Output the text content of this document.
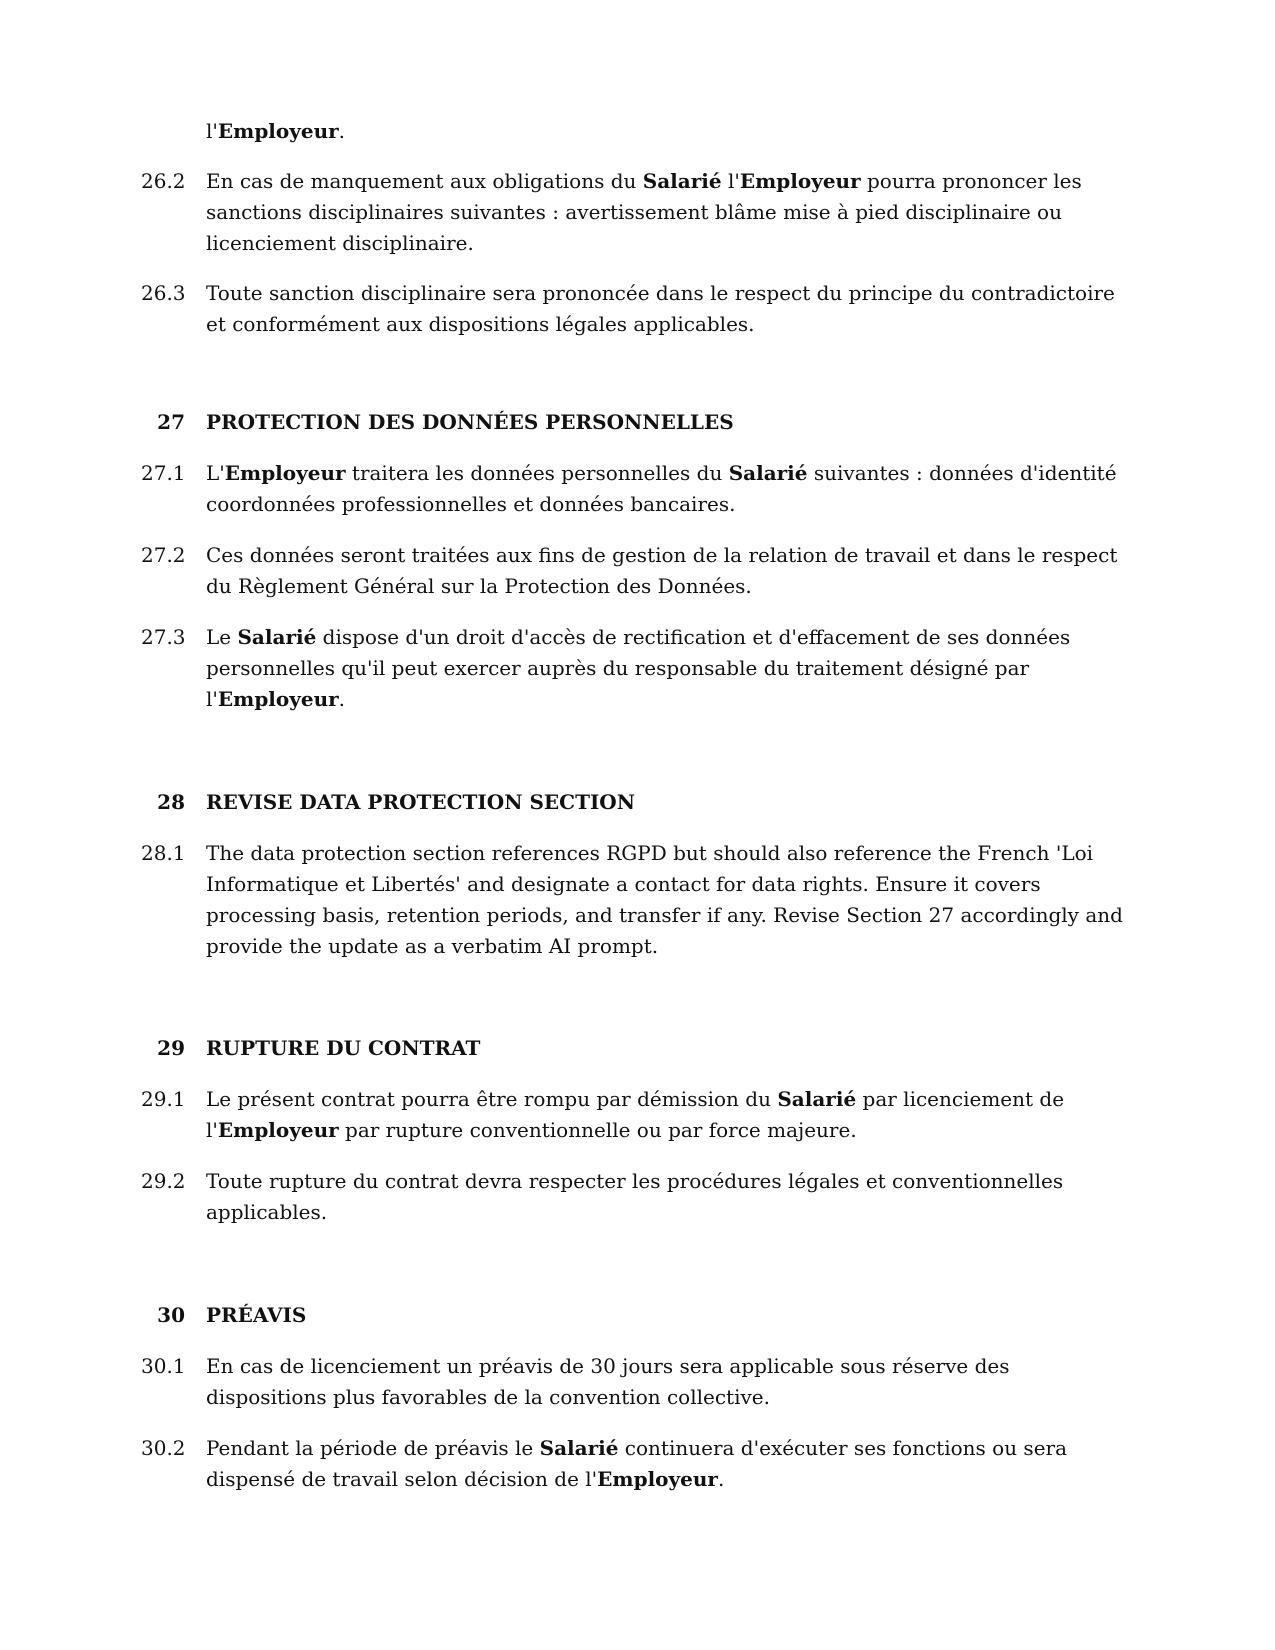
l'Employeur.
26.2 En cas de manquement aux obligations du Salarié l'Employeur pourra prononcer les sanctions disciplinaires suivantes : avertissement blâme mise à pied disciplinaire ou licenciement disciplinaire.
26.3 Toute sanction disciplinaire sera prononcée dans le respect du principe du contradictoire et conformément aux dispositions légales applicables.
27 PROTECTION DES DONNÉES PERSONNELLES
27.1 L'Employeur traitera les données personnelles du Salarié suivantes : données d'identité coordonnées professionnelles et données bancaires.
27.2 Ces données seront traitées aux fins de gestion de la relation de travail et dans le respect du Règlement Général sur la Protection des Données.
27.3 Le Salarié dispose d'un droit d'accès de rectification et d'effacement de ses données personnelles qu'il peut exercer auprès du responsable du traitement désigné par l'Employeur.
28 REVISE DATA PROTECTION SECTION
28.1 The data protection section references RGPD but should also reference the French 'Loi Informatique et Libertés' and designate a contact for data rights. Ensure it covers processing basis, retention periods, and transfer if any. Revise Section 27 accordingly and provide the update as a verbatim AI prompt.
29 RUPTURE DU CONTRAT
29.1 Le présent contrat pourra être rompu par démission du Salarié par licenciement de l'Employeur par rupture conventionnelle ou par force majeure.
29.2 Toute rupture du contrat devra respecter les procédures légales et conventionnelles applicables.
30 PRÉAVIS
30.1 En cas de licenciement un préavis de 30 jours sera applicable sous réserve des dispositions plus favorables de la convention collective.
30.2 Pendant la période de préavis le Salarié continuera d'exécuter ses fonctions ou sera dispensé de travail selon décision de l'Employeur.
